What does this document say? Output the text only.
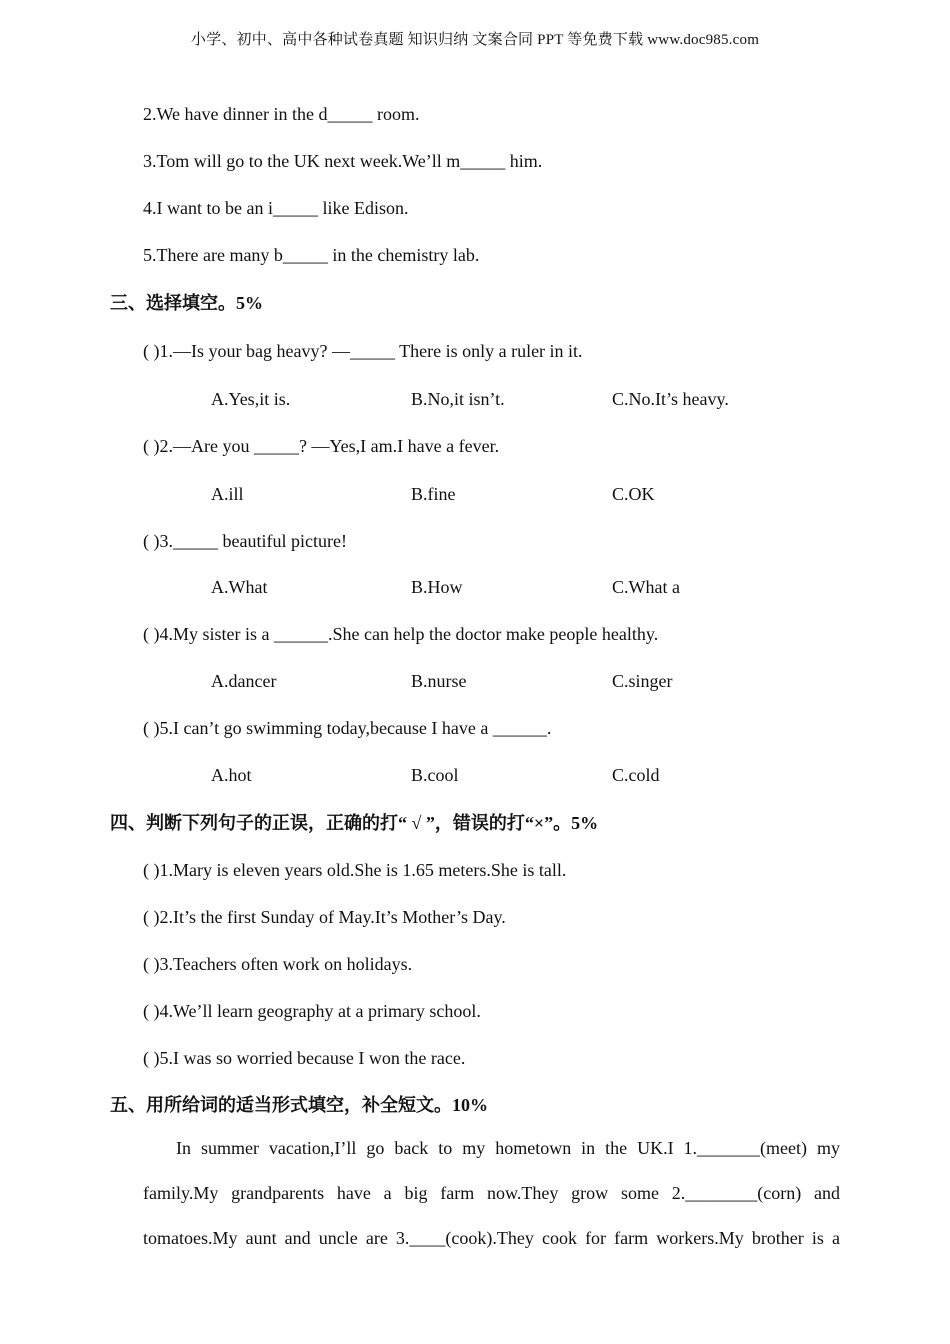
小学、初中、高中各种试卷真题 知识归纳 文案合同 PPT 等免费下载 www.doc985.com
2.We have dinner in the d_____ room.
3.Tom will go to the UK next week.We’ll m_____ him.
4.I want to be an i_____ like Edison.
5.There are many b_____ in the chemistry lab.
三、选择填空。5%
( )1.—Is your bag heavy? —_____ There is only a ruler in it.
A.Yes,it is.	B.No,it isn’t.	C.No.It’s heavy.
( )2.—Are you _____? —Yes,I am.I have a fever.
A.ill	B.fine	C.OK
( )3._____ beautiful picture!
A.What	B.How	C.What a
( )4.My sister is a ______.She can help the doctor make people healthy.
A.dancer	B.nurse	C.singer
( )5.I can’t go swimming today,because I have a ______.
A.hot	B.cool	C.cold
四、判断下列句子的正误，正确的打“ √ ”，错误的打“×”。5%
( )1.Mary is eleven years old.She is 1.65 meters.She is tall.
( )2.It’s the first Sunday of May.It’s Mother’s Day.
( )3.Teachers often work on holidays.
( )4.We’ll learn geography at a primary school.
( )5.I was so worried because I won the race.
五、用所给词的适当形式填空，补全短文。10%
In summer vacation,I’ll go back to my hometown in the UK.I 1._______(meet) my
family.My grandparents have a big farm now.They grow some 2.________(corn) and
tomatoes.My aunt and uncle are 3.____(cook).They cook for farm workers.My brother is a
